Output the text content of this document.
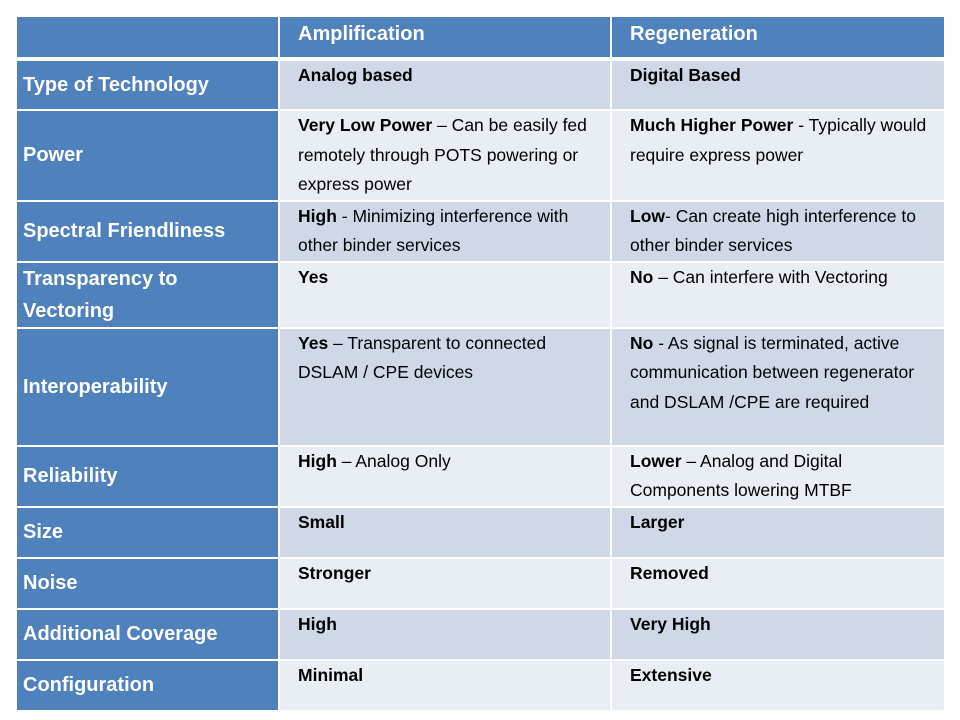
	Amplification	Regeneration
Type of Technology	Analog based	Digital Based
Power	Very Low Power – Can be easily fed remotely through POTS powering or express power	Much Higher Power - Typically would require express power
Spectral Friendliness	High - Minimizing interference with other binder services	Low- Can create high interference to other binder services
Transparency to Vectoring	Yes	No – Can interfere with Vectoring
Interoperability	Yes – Transparent to connected DSLAM / CPE devices	No - As signal is terminated, active communication between regenerator and DSLAM /CPE are required
Reliability	High – Analog Only	Lower – Analog and Digital Components lowering MTBF
Size	Small	Larger
Noise	Stronger	Removed
Additional Coverage	High	Very High
Configuration	Minimal	Extensive
